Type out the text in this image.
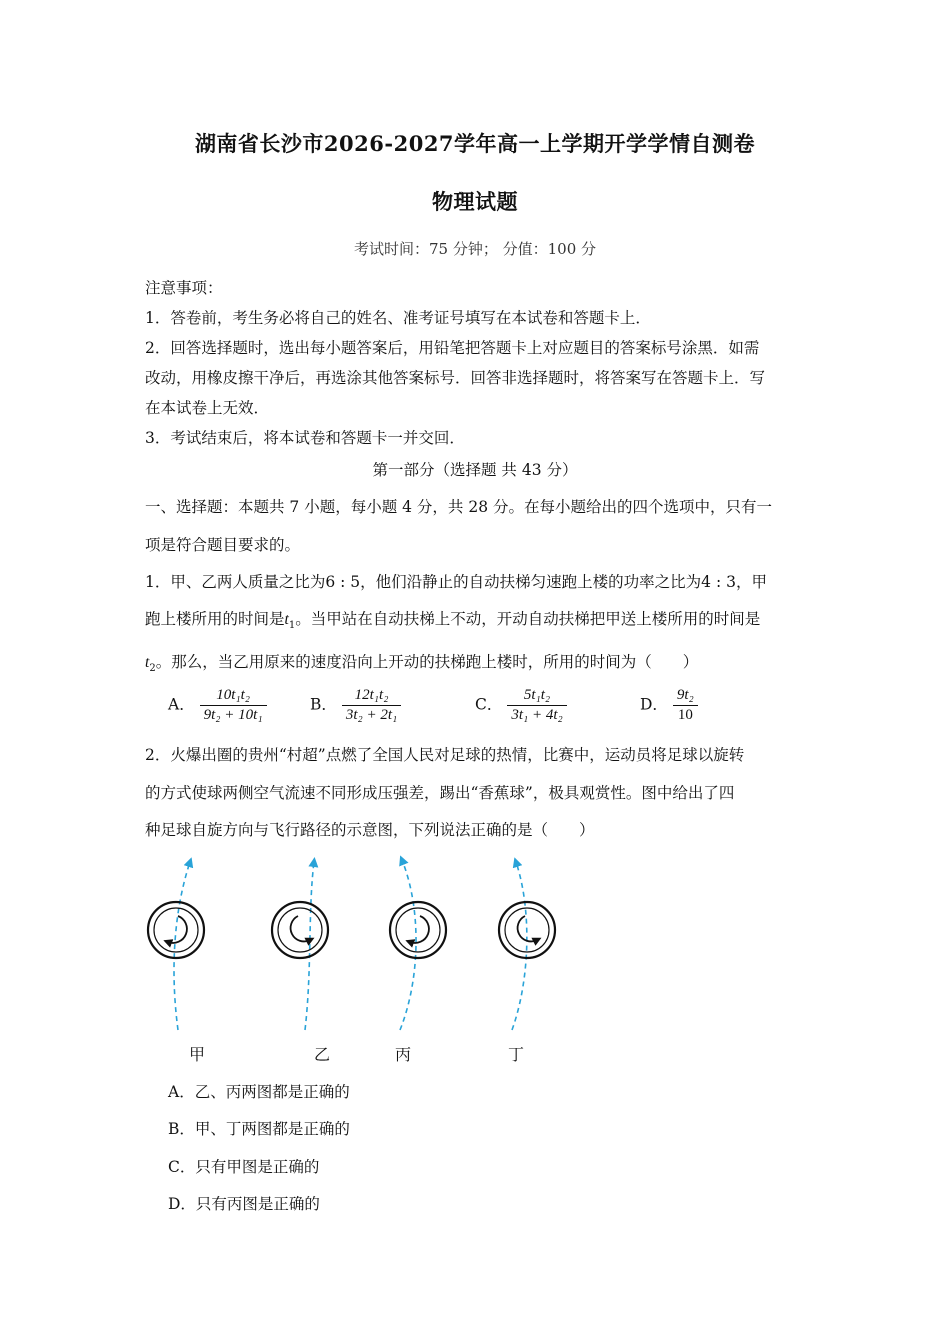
湖南省长沙市2026-2027学年高一上学期开学学情自测卷
物理试题
考试时间：75 分钟； 分值：100 分
注意事项：
1．答卷前，考生务必将自己的姓名、准考证号填写在本试卷和答题卡上．
2．回答选择题时，选出每小题答案后，用铅笔把答题卡上对应题目的答案标号涂黑．如需
改动，用橡皮擦干净后，再选涂其他答案标号．回答非选择题时，将答案写在答题卡上．写
在本试卷上无效．
3．考试结束后，将本试卷和答题卡一并交回．
第一部分（选择题 共 43 分）
一、选择题：本题共 7 小题，每小题 4 分，共 28 分。在每小题给出的四个选项中，只有一
项是符合题目要求的。
1．甲、乙两人质量之比为6 : 5，他们沿静止的自动扶梯匀速跑上楼的功率之比为4 : 3，甲
跑上楼所用的时间是$t_1$。当甲站在自动扶梯上不动，开动自动扶梯把甲送上楼所用的时间是
$t_2$。那么，当乙用原来的速度沿向上开动的扶梯跑上楼时，所用的时间为（　　）
A． $\frac{\text{10t₁t₂}}{\text{9t₂ + 10t₁}}$	B． $\frac{\text{12t₁t₂}}{\text{3t₂ + 2t₁}}$	C． $\frac{\text{5t₁t₂}}{\text{3t₁ + 4t₂}}$	D． $\frac{\text{9t₂}}{10}$
2．火爆出圈的贵州“村超”点燃了全国人民对足球的热情，比赛中，运动员将足球以旋转
的方式使球两侧空气流速不同形成压强差，踢出“香蕉球”，极具观赏性。图中给出了四
种足球自旋方向与飞行路径的示意图，下列说法正确的是（　　）
甲	乙	丙	丁
A．乙、丙两图都是正确的
B．甲、丁两图都是正确的
C．只有甲图是正确的
D．只有丙图是正确的
